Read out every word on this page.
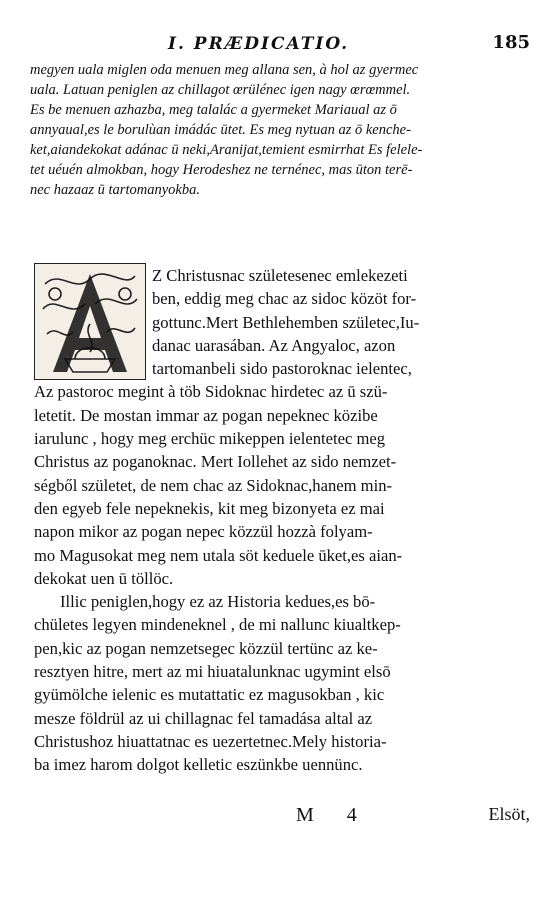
I. PRÆDICATIO.	185
megyen uala miglen oda menuen meg allana sen, à hol az gyermec
uala. Latuan peniglen az chillagot œrülénec igen nagy œrœmmel.
Es be menuen azhazba, meg talalác a gyermeket Mariaual az ō
annyaual,es le borulùan imádác ūtet. Es meg nytuan az ō kenche-
ket,aiandekokat adánac ū neki,Aranijat,temient esmirrhat Es felele-
tet uéuén almokban, hogy Herodeshez ne ternénec, mas ūton terē-
nec hazaaz ū tartomanyokba.
Z Christusnac születesenec emlekezeti
ben, eddig meg chac az sidoc közöt for-
gottunc.Mert Bethlehemben születec,Iu-
danac uarasában. Az Angyaloc, azon
tartomanbeli sido pastoroknac ielentec,
Az pastoroc megint à töb Sidoknac hirdetec az ū szü-
letetit. De mostan immar az pogan nepeknec közibe
iarulunc , hogy meg erchüc mikeppen ielentetec meg
Christus az poganoknac. Mert Iollehet az sido nemzet-
ségből születet, de nem chac az Sidoknac,hanem min-
den egyeb fele nepeknekis, kit meg bizonyeta ez mai
napon mikor az pogan nepec közzül hozzà folyam-
mo Magusokat meg nem utala söt keduele ūket,es aian-
dekokat uen ū töllöc.
Illic peniglen,hogy ez az Historia kedues,es bō-
chületes legyen mindeneknel , de mi nallunc kiualtkep-
pen,kic az pogan nemzetsegec közzül tertünc az ke-
resztyen hitre, mert az mi hiuatalunknac ugymint elsō
gyümölche ielenic es mutattatic ez magusokban , kic
mesze földrül az ui chillagnac fel tamadása altal az
Christushoz hiuattatnac es uezertetnec.Mely historia-
ba imez harom dolgot kelletic eszünkbe uennünc.
M 4	Elsöt,
